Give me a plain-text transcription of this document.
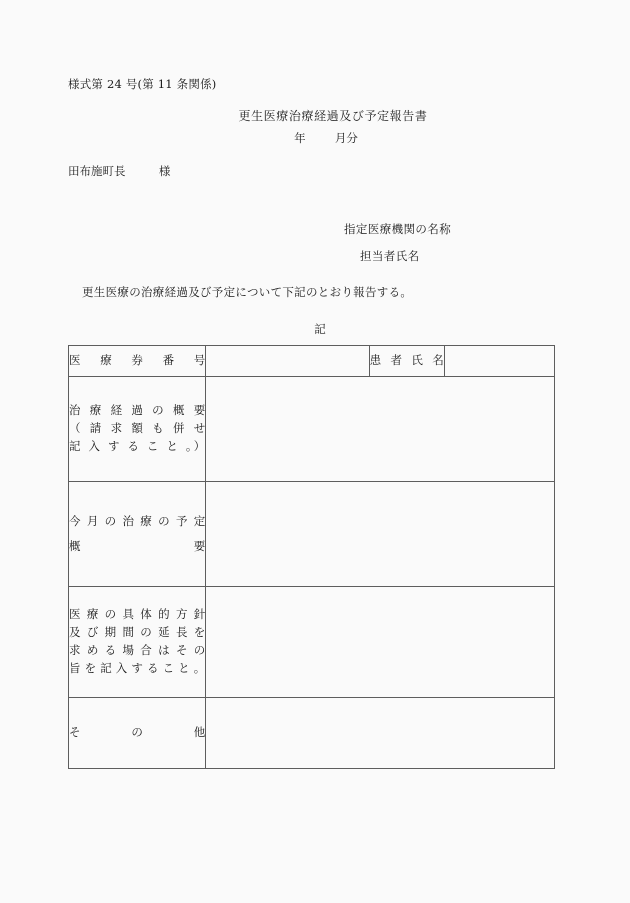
様式第 24 号(第 11 条関係)
更生医療治療経過及び予定報告書
年	月分
田布施町長	様
指定医療機関の名称
担当者氏名
更生医療の治療経過及び予定について下記のとおり報告する。
記
医　療　券　番　号		患 者 氏 名	

治 療 経 過 の 概 要
（ 請 求 額 も 併 せ
記 入 す る こ と 。）			

今 月 の 治 療 の 予 定
概　　　　　　　　要			

医 療 の 具 体 的 方 針
及 び 期 間 の 延 長 を
求 め る 場 合 は そ の
旨 を 記 入 す る こ と 。			

そ　　　　の　　　　他			
